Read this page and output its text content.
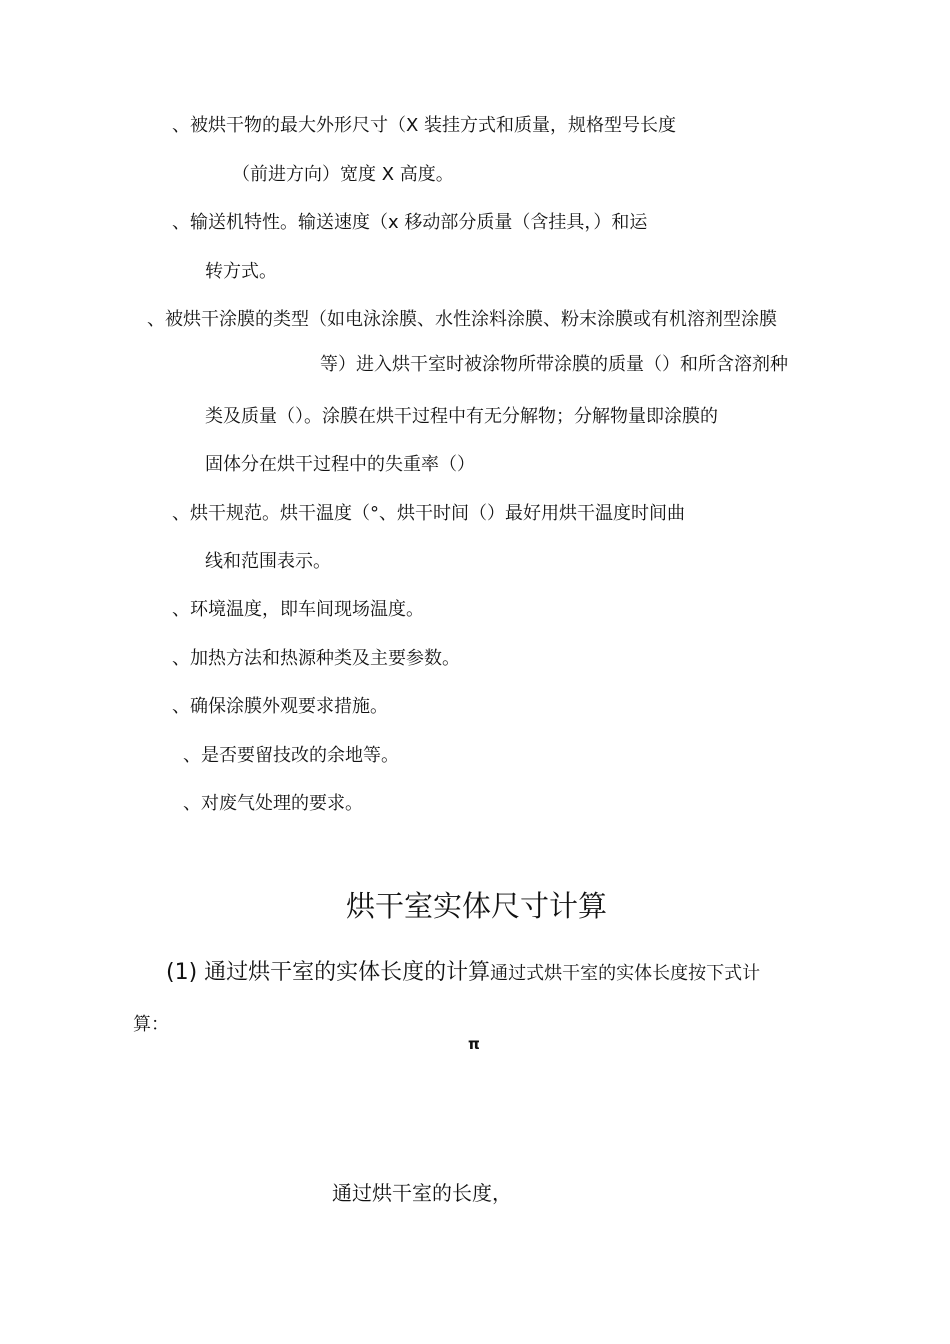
、被烘干物的最大外形尺寸（X 装挂方式和质量，规格型号长度
（前进方向）宽度 X 高度。
、输送机特性。输送速度（x 移动部分质量（含挂具，）和运
转方式。
、被烘干涂膜的类型（如电泳涂膜、水性涂料涂膜、粉末涂膜或有机溶剂型涂膜
等）进入烘干室时被涂物所带涂膜的质量（）和所含溶剂种
类及质量（）。涂膜在烘干过程中有无分解物；分解物量即涂膜的
固体分在烘干过程中的失重率（）
、烘干规范。烘干温度（°、烘干时间（）最好用烘干温度时间曲
线和范围表示。
、环境温度，即车间现场温度。
、加热方法和热源种类及主要参数。
、确保涂膜外观要求措施。
、是否要留技改的余地等。
、对废气处理的要求。
烘干室实体尺寸计算
(1) 通过烘干室的实体长度的计算通过式烘干室的实体长度按下式计
算：
π
通过烘干室的长度，
